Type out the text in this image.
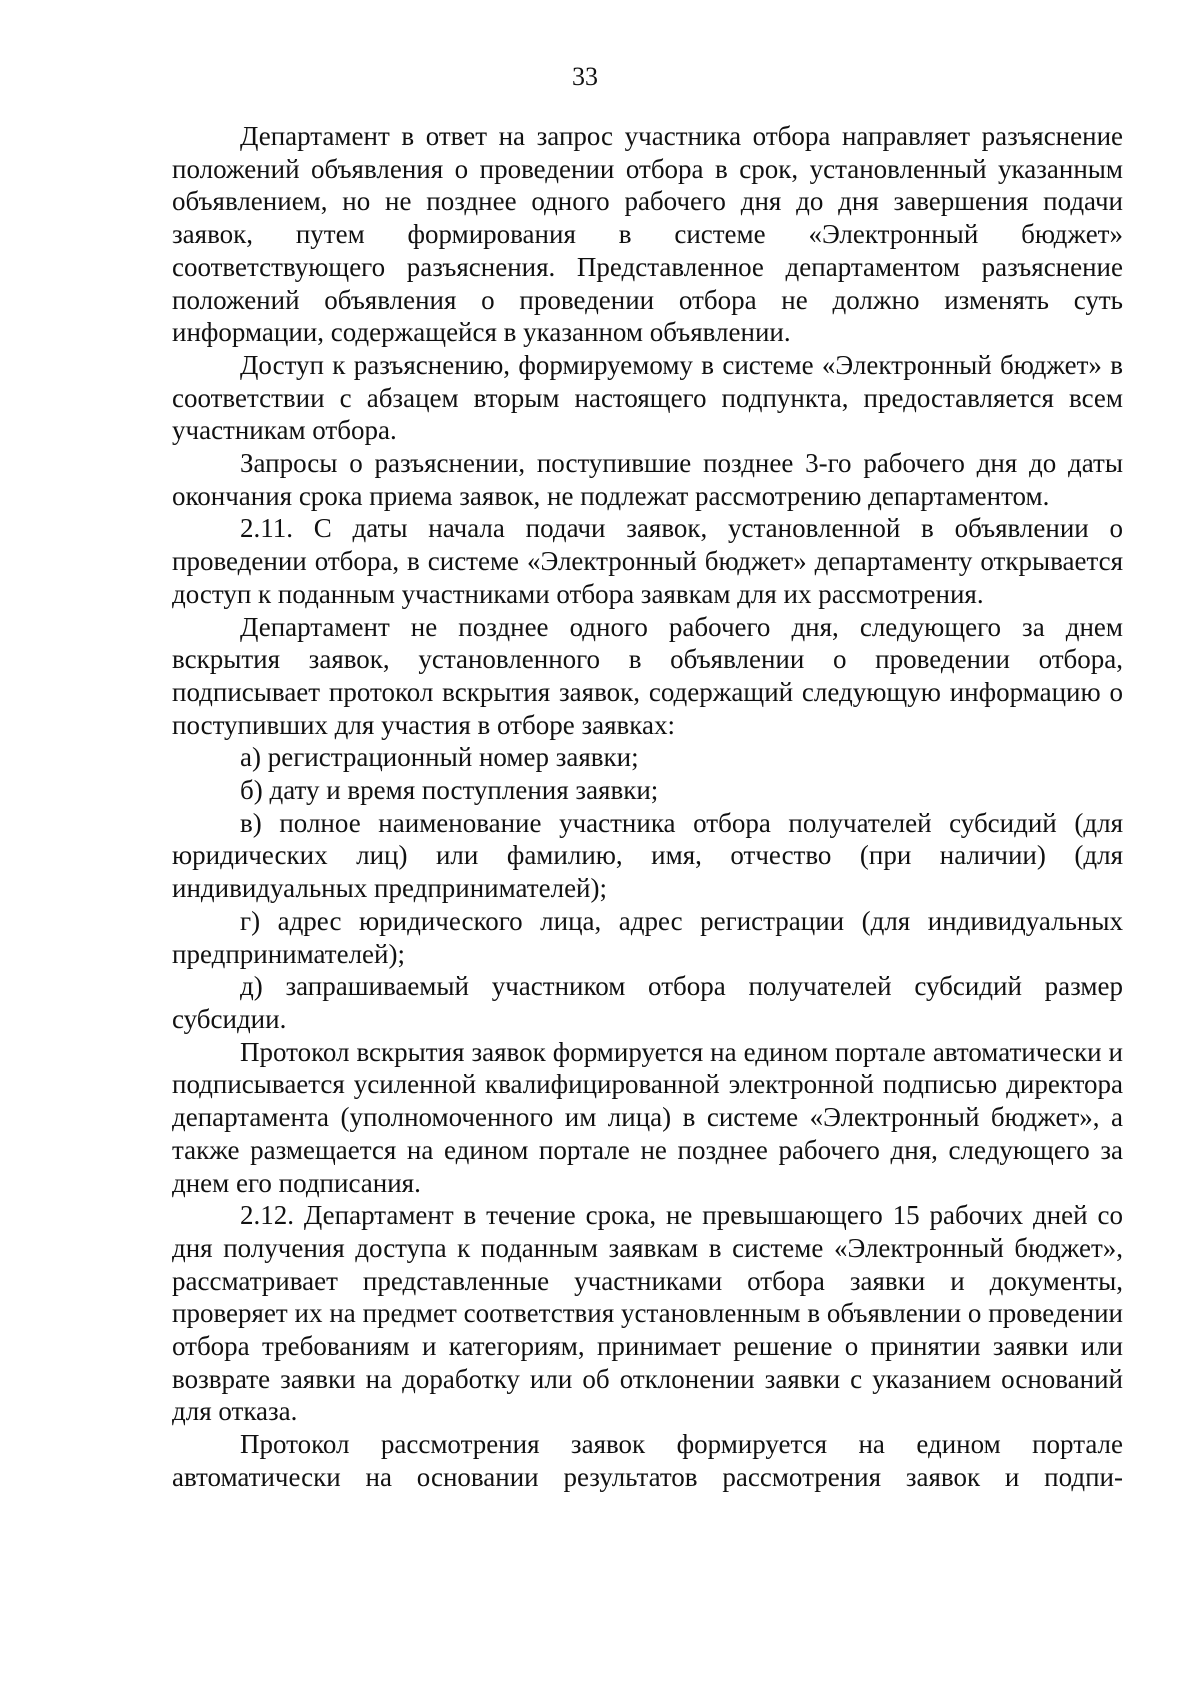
33

Департамент в ответ на запрос участника отбора направляет разъяснение положений объявления о проведении отбора в срок, установленный указанным объявлением, но не позднее одного рабочего дня до дня завершения подачи заявок, путем формирования в системе «Электронный бюджет» соответствующего разъяснения. Представленное департаментом разъяснение положений объявления о проведении отбора не должно изменять суть информации, содержащейся в указанном объявлении.

Доступ к разъяснению, формируемому в системе «Электронный бюджет» в соответствии с абзацем вторым настоящего подпункта, предоставляется всем участникам отбора.

Запросы о разъяснении, поступившие позднее 3-го рабочего дня до даты окончания срока приема заявок, не подлежат рассмотрению департаментом.

2.11. С даты начала подачи заявок, установленной в объявлении о проведении отбора, в системе «Электронный бюджет» департаменту открывается доступ к поданным участниками отбора заявкам для их рассмотрения.

Департамент не позднее одного рабочего дня, следующего за днем вскрытия заявок, установленного в объявлении о проведении отбора, подписывает протокол вскрытия заявок, содержащий следующую информацию о поступивших для участия в отборе заявках:

а) регистрационный номер заявки;

б) дату и время поступления заявки;

в) полное наименование участника отбора получателей субсидий (для юридических лиц) или фамилию, имя, отчество (при наличии) (для индивидуальных предпринимателей);

г) адрес юридического лица, адрес регистрации (для индивидуальных предпринимателей);

д) запрашиваемый участником отбора получателей субсидий размер субсидии.

Протокол вскрытия заявок формируется на едином портале автоматически и подписывается усиленной квалифицированной электронной подписью директора департамента (уполномоченного им лица) в системе «Электронный бюджет», а также размещается на едином портале не позднее рабочего дня, следующего за днем его подписания.

2.12. Департамент в течение срока, не превышающего 15 рабочих дней со дня получения доступа к поданным заявкам в системе «Электронный бюджет», рассматривает представленные участниками отбора заявки и документы, проверяет их на предмет соответствия установленным в объявлении о проведении отбора требованиям и категориям, принимает решение о принятии заявки или возврате заявки на доработку или об отклонении заявки с указанием оснований для отказа.

Протокол рассмотрения заявок формируется на едином портале автоматически на основании результатов рассмотрения заявок и подпи-
